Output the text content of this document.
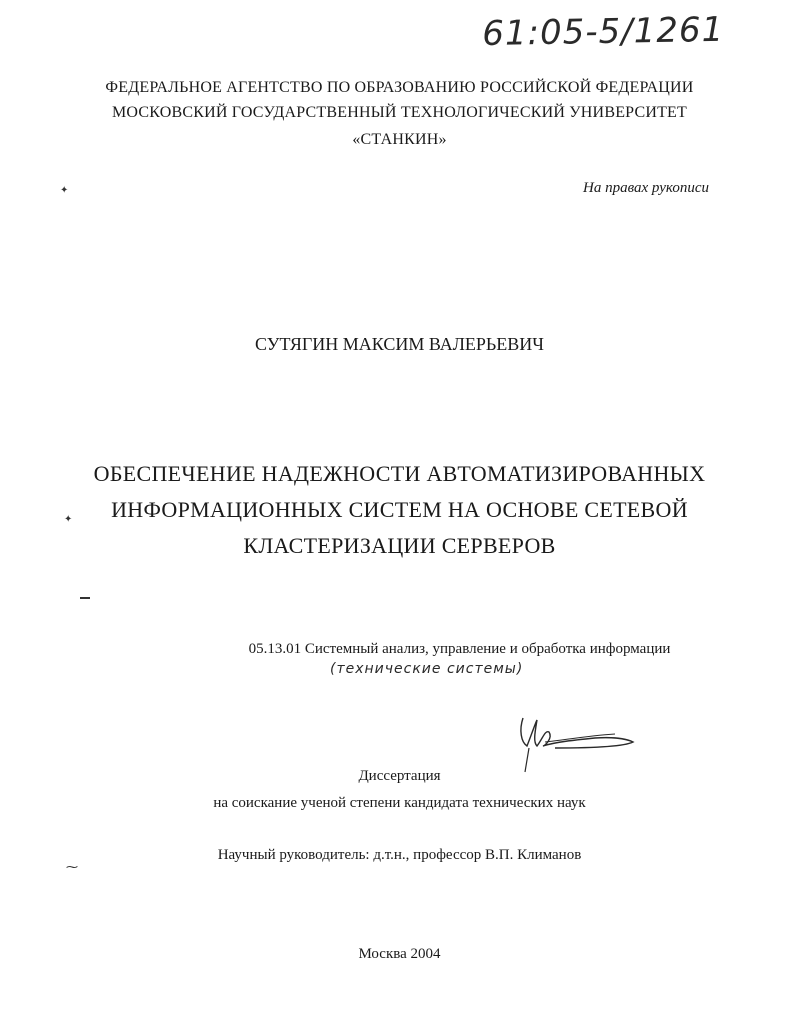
61:05-5/1261
ФЕДЕРАЛЬНОЕ АГЕНТСТВО ПО ОБРАЗОВАНИЮ РОССИЙСКОЙ ФЕДЕРАЦИИ
МОСКОВСКИЙ ГОСУДАРСТВЕННЫЙ ТЕХНОЛОГИЧЕСКИЙ УНИВЕРСИТЕТ
«СТАНКИН»
На правах рукописи
✦
✦
⁓
СУТЯГИН МАКСИМ ВАЛЕРЬЕВИЧ
ОБЕСПЕЧЕНИЕ НАДЕЖНОСТИ АВТОМАТИЗИРОВАННЫХ
ИНФОРМАЦИОННЫХ СИСТЕМ НА ОСНОВЕ СЕТЕВОЙ
КЛАСТЕРИЗАЦИИ СЕРВЕРОВ
05.13.01 Системный анализ, управление и обработка информации
(технические системы)
Диссертация
на соискание ученой степени кандидата технических наук
Научный руководитель: д.т.н., профессор В.П. Климанов
Москва 2004
